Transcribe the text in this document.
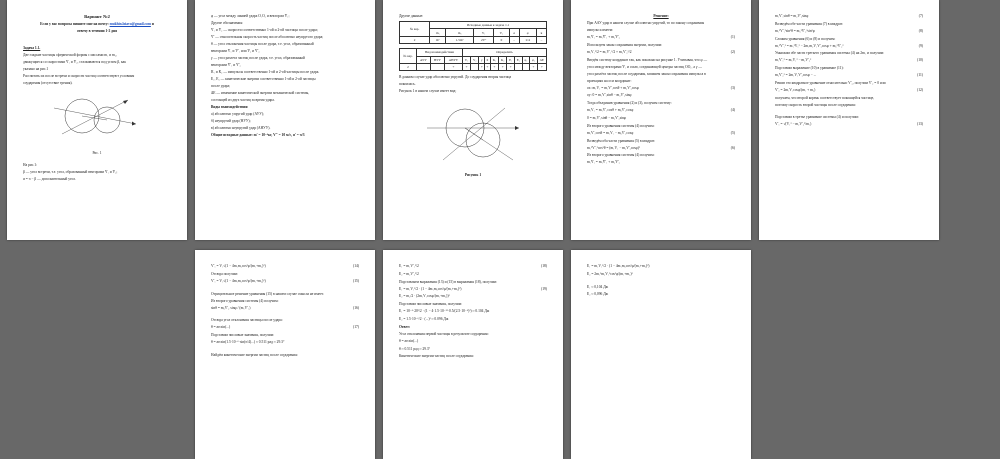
Вариант №2
Если у вас вопросы пишите мне на почту: mukhin.loiavo@gmail.com и
отвечу в течении 1-2 дня
Задача 1.1.
Две гладкие частицы сферической формы с массами m₁ и m₂,
движущиеся со скоростями V̄₁ и V̄₂, сталкиваются под углом β, как
указано на рис.1
Рассчитать их после встречи и скорости частиц соответствуют условиям
соударения (отсутствие трения).
Рис. 1
На рис.1:
β — угол встречи, т.е. угол, образованный векторами V̄₁ и V̄₂;
α = π − β — дополнительный угол.
φ — угол между линией удара O₁O₂ и вектором V̄₁;
Другие обозначения:
V̄₁ и V̄₂ — скорости соответственно 1-ой и 2-ой частицы после удара;
V̄′ — относительная скорость частиц после абсолютно неупругого удара;
θ — угол отклонения частицы после удара, т.е. угол, образованный
векторами V̄₁ и V̄′₁ или V̄₂ и V̄′₂
γ — угол разлета частиц после удара, т.е. угол, образованный
векторами V̄′₁ и V̄′₂
K̄₁ и K̄₂ — импульсы соответственно 1-ой и 2-ой частицы после удара.
Ē₁, Ē₂ — кинетические энергии соответственно 1-ой и 2-ой частицы
после удара;
ΔE — изменение кинетической энергии механической системы,
состоящей из двух частиц за время удара.
Виды взаимодействия:
а) абсолютно упругий удар (АУУ);
б) неупругий удар (НУУ);
в) абсолютно неупругий удар (АНУУ).
Общие исходные данные: m′ = 10⁻⁶кг, V″ = 10 м/с, α′ = π/3
Другие данные:
№ вар.	Исходные данные к задаче 1.1						
	m₁	m₂	V₁	V₂	α	φ	k
2	m″	1.5m″	2V″	0	–	π/4	–
№ вар.	Вид взаимодействия			Определить										
	АУУ	НУУ	АНУУ	V₁	V₂	γ	θ	K₁	K₂	E₁	E₂	φ₁	φ₂	ΔE
2			+	+		+	+	+	+	+			+	+
В данном случае удар абсолютно упругий. До соударения вторая частица
покоилась.
Рисунок 1 в нашем случае имеет вид:
Рисунок 1
Решение:
При ААУ удар в нашем случае абсолютно упругий, то по закону сохранения
импульса имеем:
m₁V̄₁ = m₁V̄′₁ + m₂V̄′₂	(1)
Используем закон сохранения энергии, получим:
m₁V₁²/2 = m₁V′₁²/2 + m₂V′₂²/2	(2)
Введём систему координат так, как показано на рисунке 1. Учитывая, что φ —
угол между векторами V̄₁ и осью, соединяющей центры частиц OO₁, а γ —
угол разлёта частиц после соударения, запишем закон сохранения импульса в
проекциях на оси координат:
ox: m₁V₁ = m₁V′₁cosθ + m₂V′₂cosφ	(3)
oy: 0 = m₁V′₁sinθ − m₂V′₂sinφ
Тогда объединив уравнения (2) и (3), получим систему:
m₁V₁ = m₁V′₁cosθ + m₂V′₂cosφ	(4)
0 = m₁V′₁sinθ − m₂V′₂sinφ
Из второго уравнения системы (4) получим:
m₁V′₁cosθ = m₁V₁ − m₂V′₂cosφ	(5)
Возведём оба части уравнения (5) в квадрат:
m₁²V′₁²cos²θ = (m₁V₁ − m₂V′₂cosφ)²	(6)
Из второго уравнения системы (4) получим:
m₁V̄₁ = m₁V̄′₁ + m₂V̄′₂
m₁V′₁sinθ = m₂V′₂sinφ	(7)
Возведём обе части уравнения (7) в квадрат:
m₁²V′₁²sin²θ = m₂²V′₂²sin²φ	(8)
Сложим уравнения (6) и (8) и получим:
m₁²V′₁² = m₁²V₁² − 2m₁m₂V₁V′₂cosφ + m₂²V′₂²	(9)
Умножим обе части третьего уравнения системы (4) на 2m₁ и получим:
m₁V′₁² = m₁V₁² − m₂V′₂²	(10)
Подставим выражение (10) в уравнение (11):
m₂V′₂² = 2m₁V₁V′₂cosφ − ...	(11)
Решив это квадратное уравнение относительно V′₂, получим V′₂ = 0 или
V′₂ = 2m₁V₁cosφ/(m₁ + m₂)	(12)
получаем, что второй корень соответствует покоящейся частице,
поэтому скорость второй частицы после соударения:
Подставим в третье уравнение системы (4) и получим:
V′₁ = √(V₁² − m₂V′₂²/m₁)	(13)
V′₁ = V₁√(1 − 4m₁m₂cos²φ/(m₁+m₂)²)	(14)
Отсюда получим:
V′₁ = V₁√(1 − 4m₁m₂cos²φ/(m₁+m₂)²)	(15)
Отрицательное решение уравнения (15) в нашем случае смысла не имеет.
Из второго уравнения системы (4) получим:
sinθ = m₂V′₂ sinφ / (m₁V′₁)	(16)
Отсюда угол отклонения частицы после удара:
θ = arcsin(...)	(17)
Подставим числовые значения, получим:
θ = arcsin(1.5·10⁻⁶·sin(π/4)...) ≈ 0.511 рад ≈ 29.3°
Найдём кинетические энергии частиц после соударения:
E₁ = m₁V′₁²/2	(18)
E₂ = m₂V′₂²/2
Подставляем выражения (13) и (15) в выражения (18), получим:
E₁ = m₁V₁²/2 · (1 − 4m₁m₂cos²φ/(m₁+m₂)²)	(19)
E₂ = m₂/2 · (2m₁V₁cosφ/(m₁+m₂))²
Подставим числовые значения, получим:
E₁ = 10⁻⁶·20²/2 · (1 − 4·1.5·10⁻¹²·0.5/(2.5·10⁻⁶)²) ≈ 0.104 Дж
E₂ = 1.5·10⁻⁶/2 · (...)² ≈ 0.096 Дж
Ответ:
Угол отклонения первой частицы в результате соударения:
θ = arcsin(...)
θ ≈ 0.511 рад ≈ 29.3°
Кинетические энергии частиц после соударения:
E₁ = m₁V₁²/2 · (1 − 4m₁m₂cos²φ/(m₁+m₂)²)
E₂ = 2m₁²m₂V₁²cos²φ/(m₁+m₂)²
E₁ ≈ 0,104 Дж
E₂ ≈ 0,096 Дж
